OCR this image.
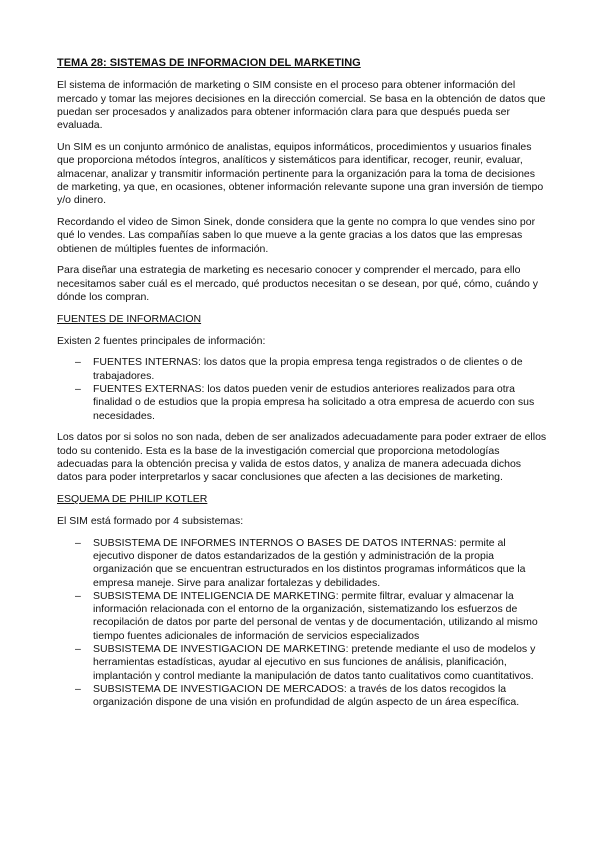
TEMA 28: SISTEMAS DE INFORMACION DEL MARKETING

El sistema de información de marketing o SIM consiste en el proceso para obtener información del mercado y tomar las mejores decisiones en la dirección comercial. Se basa en la obtención de datos que puedan ser procesados y analizados para obtener información clara para que después pueda ser evaluada.

Un SIM es un conjunto armónico de analistas, equipos informáticos, procedimientos y usuarios finales que proporciona métodos íntegros, analíticos y sistemáticos para identificar, recoger, reunir, evaluar, almacenar, analizar y transmitir información pertinente para la organización para la toma de decisiones de marketing, ya que, en ocasiones, obtener información relevante supone una gran inversión de tiempo y/o dinero.

Recordando el video de Simon Sinek, donde considera que la gente no compra lo que vendes sino por qué lo vendes. Las compañías saben lo que mueve a la gente gracias a los datos que las empresas obtienen de múltiples fuentes de información.

Para diseñar una estrategia de marketing es necesario conocer y comprender el mercado, para ello necesitamos saber cuál es el mercado, qué productos necesitan o se desean, por qué, cómo, cuándo y dónde los compran.

FUENTES DE INFORMACION

Existen 2 fuentes principales de información:

– FUENTES INTERNAS: los datos que la propia empresa tenga registrados o de clientes o de trabajadores.
– FUENTES EXTERNAS: los datos pueden venir de estudios anteriores realizados para otra finalidad o de estudios que la propia empresa ha solicitado a otra empresa de acuerdo con sus necesidades.

Los datos por si solos no son nada, deben de ser analizados adecuadamente para poder extraer de ellos todo su contenido. Esta es la base de la investigación comercial que proporciona metodologías adecuadas para la obtención precisa y valida de estos datos, y analiza de manera adecuada dichos datos para poder interpretarlos y sacar conclusiones que afecten a las decisiones de marketing.

ESQUEMA DE PHILIP KOTLER

El SIM está formado por 4 subsistemas:

– SUBSISTEMA DE INFORMES INTERNOS O BASES DE DATOS INTERNAS: permite al ejecutivo disponer de datos estandarizados de la gestión y administración de la propia organización que se encuentran estructurados en los distintos programas informáticos que la empresa maneje. Sirve para analizar fortalezas y debilidades.
– SUBSISTEMA DE INTELIGENCIA DE MARKETING: permite filtrar, evaluar y almacenar la información relacionada con el entorno de la organización, sistematizando los esfuerzos de recopilación de datos por parte del personal de ventas y de documentación, utilizando al mismo tiempo fuentes adicionales de información de servicios especializados
– SUBSISTEMA DE INVESTIGACION DE MARKETING: pretende mediante el uso de modelos y herramientas estadísticas, ayudar al ejecutivo en sus funciones de análisis, planificación, implantación y control mediante la manipulación de datos tanto cualitativos como cuantitativos.
– SUBSISTEMA DE INVESTIGACION DE MERCADOS: a través de los datos recogidos la organización dispone de una visión en profundidad de algún aspecto de un área específica.
